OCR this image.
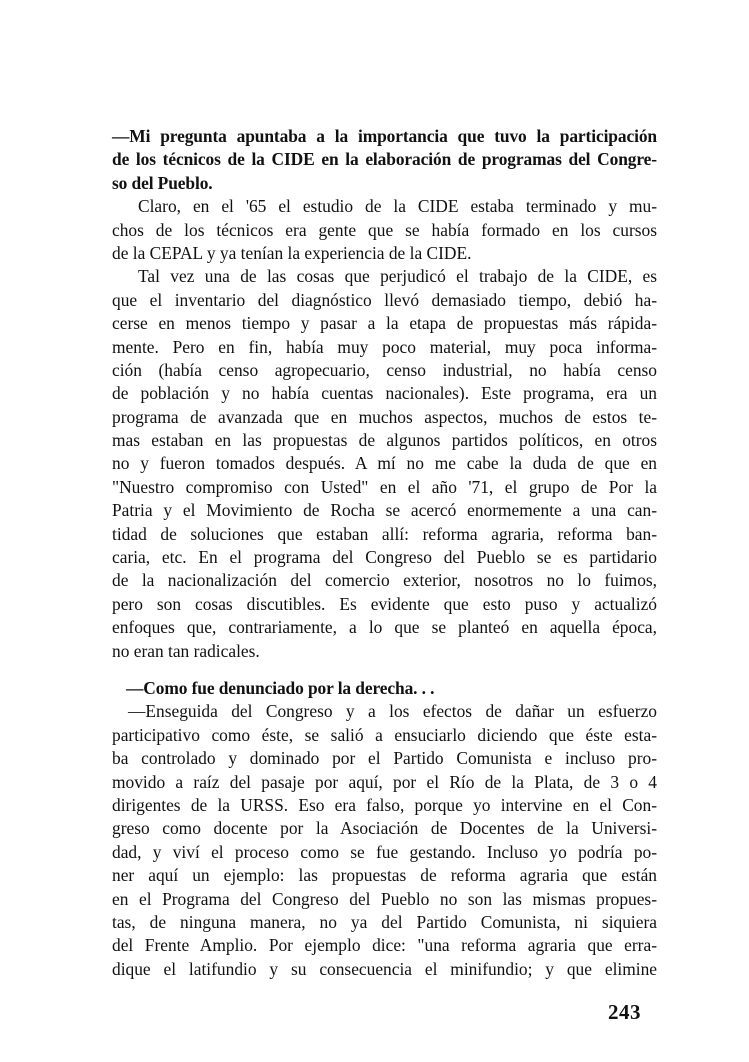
—Mi pregunta apuntaba a la importancia que tuvo la participación
de los técnicos de la CIDE en la elaboración de programas del Congre-
so del Pueblo.
Claro, en el '65 el estudio de la CIDE estaba terminado y mu-
chos de los técnicos era gente que se había formado en los cursos
de la CEPAL y ya tenían la experiencia de la CIDE.
Tal vez una de las cosas que perjudicó el trabajo de la CIDE, es
que el inventario del diagnóstico llevó demasiado tiempo, debió ha-
cerse en menos tiempo y pasar a la etapa de propuestas más rápida-
mente. Pero en fin, había muy poco material, muy poca informa-
ción (había censo agropecuario, censo industrial, no había censo
de población y no había cuentas nacionales). Este programa, era un
programa de avanzada que en muchos aspectos, muchos de estos te-
mas estaban en las propuestas de algunos partidos políticos, en otros
no y fueron tomados después. A mí no me cabe la duda de que en
"Nuestro compromiso con Usted" en el año '71, el grupo de Por la
Patria y el Movimiento de Rocha se acercó enormemente a una can-
tidad de soluciones que estaban allí: reforma agraria, reforma ban-
caria, etc. En el programa del Congreso del Pueblo se es partidario
de la nacionalización del comercio exterior, nosotros no lo fuimos,
pero son cosas discutibles. Es evidente que esto puso y actualizó
enfoques que, contrariamente, a lo que se planteó en aquella época,
no eran tan radicales.
—Como fue denunciado por la derecha. . .
—Enseguida del Congreso y a los efectos de dañar un esfuerzo
participativo como éste, se salió a ensuciarlo diciendo que éste esta-
ba controlado y dominado por el Partido Comunista e incluso pro-
movido a raíz del pasaje por aquí, por el Río de la Plata, de 3 o 4
dirigentes de la URSS. Eso era falso, porque yo intervine en el Con-
greso como docente por la Asociación de Docentes de la Universi-
dad, y viví el proceso como se fue gestando. Incluso yo podría po-
ner aquí un ejemplo: las propuestas de reforma agraria que están
en el Programa del Congreso del Pueblo no son las mismas propues-
tas, de ninguna manera, no ya del Partido Comunista, ni siquiera
del Frente Amplio. Por ejemplo dice: "una reforma agraria que erra-
dique el latifundio y su consecuencia el minifundio; y que elimine
243
